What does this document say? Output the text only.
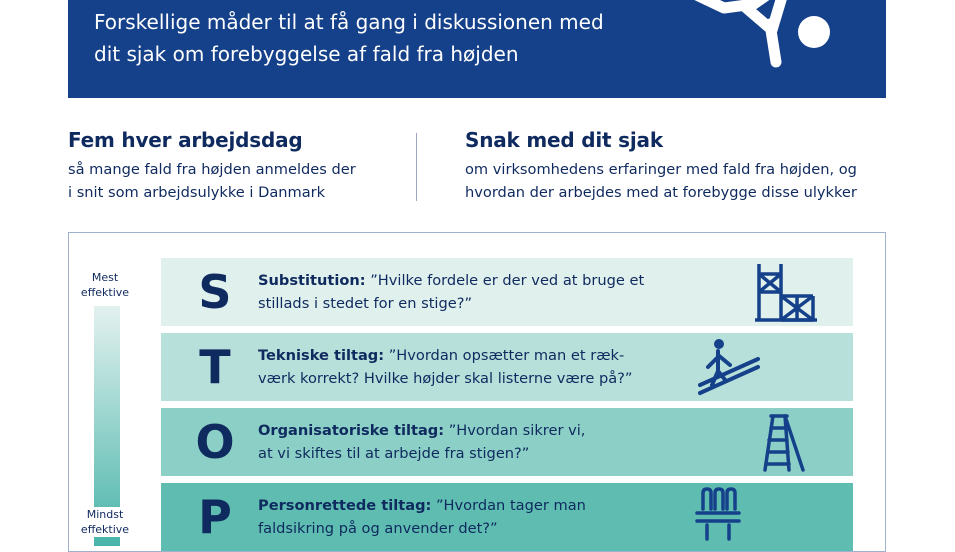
Forskellige måder til at få gang i diskussionen med
dit sjak om forebyggelse af fald fra højden
Fem hver arbejdsdag

så mange fald fra højden anmeldes der
i snit som arbejdsulykke i Danmark

Snak med dit sjak

om virksomhedens erfaringer med fald fra højden, og
hvordan der arbejdes med at forebygge disse ulykker

Mest
effektive
Mindst
effektive
S	Substitution: ”Hvilke fordele er der ved at bruge et
stillads i stedet for en stige?”
T	Tekniske tiltag: ”Hvordan opsætter man et ræk-
værk korrekt? Hvilke højder skal listerne være på?”
O	Organisatoriske tiltag: ”Hvordan sikrer vi,
at vi skiftes til at arbejde fra stigen?”
P	Personrettede tiltag: ”Hvordan tager man
faldsikring på og anvender det?”
